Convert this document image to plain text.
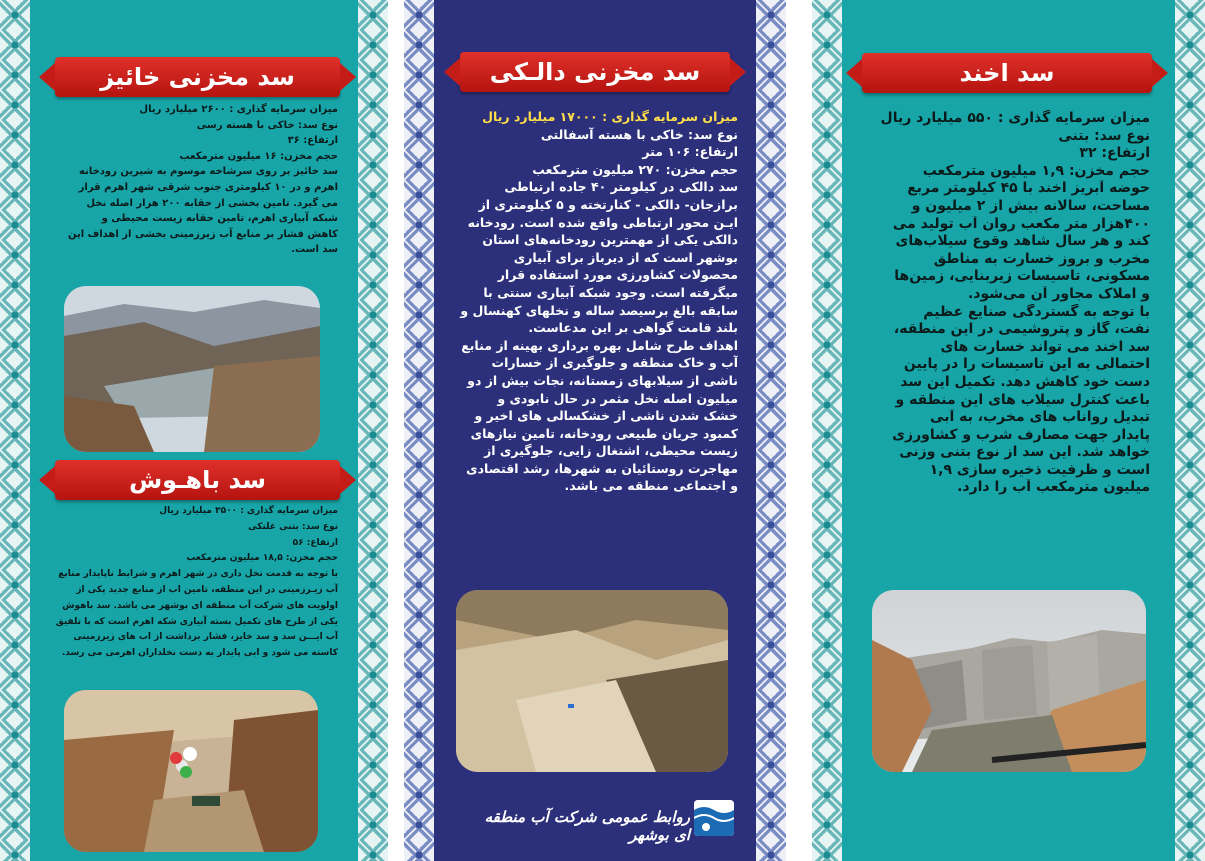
سد اخند

میزان سرمایه گذاری : ۵۵۰ میلیارد ریال

نوع سد: بتنی

ارتفاع: ۳۲

حجم مخزن: ۱,۹ میلیون مترمکعب

حوضه آبریز اخند با ۴۵ کیلومتر مربع

مساحت، سالانه بیش از ۲ میلیون و

۴۰۰هزار متر مکعب روان آب تولید می

کند و هر سال شاهد وقوع سیلاب‌های

مخرب و بروز خسارت به مناطق

مسکونی، تاسیسات زیربنایی، زمین‌ها

و املاک مجاور آن می‌شود.

با توجه به گستردگی صنایع عظیم

نفت، گاز و پتروشیمی در این منطقه،

سد اخند می تواند خسارت های

احتمالی به این تاسیسات را در پایین

دست خود کاهش دهد. تکمیل این سد

باعث کنترل سیلاب های این منطقه و

تبدیل رواناب های مخرب، به آبی

پایدار جهت مصارف شرب و کشاورزی

خواهد شد. این سد از نوع بتنی وزنی

است و ظرفیت ذخیره سازی ۱,۹

میلیون مترمکعب آب را دارد.

سد مخزنی دالـکی

میزان سرمایه گذاری : ۱۷۰۰۰ میلیارد ریال

نوع سد: خاکی با هسته آسفالتی

ارتفاع: ۱۰۶ متر

حجم مخزن: ۲۷۰ میلیون مترمکعب

سد دالکی در کیلومتر ۴۰ جاده ارتباطی

برازجان- دالکی - کنارتخته و ۵ کیلومتری از

ایـن محور ارتباطی واقع شده است. رودخانه

دالکی یکی از مهمترین رودخانه‌های استان

بوشهر است که از دیرباز برای آبیاری

محصولات کشاورزی مورد استفاده قرار

میگرفته است. وجود شبکه آبیاری سنتی با

سابقه بالغ برسیصد ساله و نخلهای کهنسال و

بلند قامت گواهی بر این مدعاست.

اهداف طرح شامل بهره برداری بهینه از منابع

آب و خاک منطقه و جلوگیری از خسارات

ناشی از سیلابهای زمستانه، نجات بیش از دو

میلیون اصله نخل مثمر در حال نابودی و

خشک شدن ناشی از خشکسالی های اخیر و

کمبود جریان طبیعی رودخانه، تامین نیازهای

زیست محیطی، اشتغال زایی، جلوگیری از

مهاجرت روستائیان به شهرها، رشد اقتصادی

و اجتماعی منطقه می باشد.

روابط عمومی شرکت آب منطقه ای بوشهر
سد مخزنی خائیز

میزان سرمایه گذاری : ۲۶۰۰ میلیارد ریال

نوع سد: خاکی با هسته رسی

ارتفاع: ۳۶

حجم مخزن: ۱۶ میلیون مترمکعب

سد خائیز بر روی سرشاخه موسوم به شیرین رودخانه

اهرم و در ۱۰ کیلومتری جنوب شرقی شهر اهرم قرار

می گیرد. تامین بخشی از حقابه ۲۰۰ هزار اصله نخل

شبکه آبیاری اهرم، تامین حقابه زیست محیطی و

کاهش فشار بر منابع آب زیرزمینی بخشی از اهداف این

سد است.

سد باهـوش

میزان سرمایه گذاری : ۳۵۰۰ میلیارد ریال

نوع سد: بتنی غلتکی

ارتفاع: ۵۶

حجم مخزن: ۱۸,۵ میلیون مترمکعب

با توجه به قدمت نخل داری در شهر اهرم و شرایط ناپایدار منابع

آب زیـرزمینی در این منطقه، تامین اب از منابع جدید یکی از

اولویت های شرکت آب منطقه ای بوشهر می باشد. سد باهوش

یکی از طرح های تکمیل بسته آبیاری شکه اهرم است که با تلفیق

آب ایـــن سد و سد خایز، فشار برداشت از اب های زیرزمینی

کاسته می شود و ابی پایدار به دست نخلداران اهرمی می رسد.
